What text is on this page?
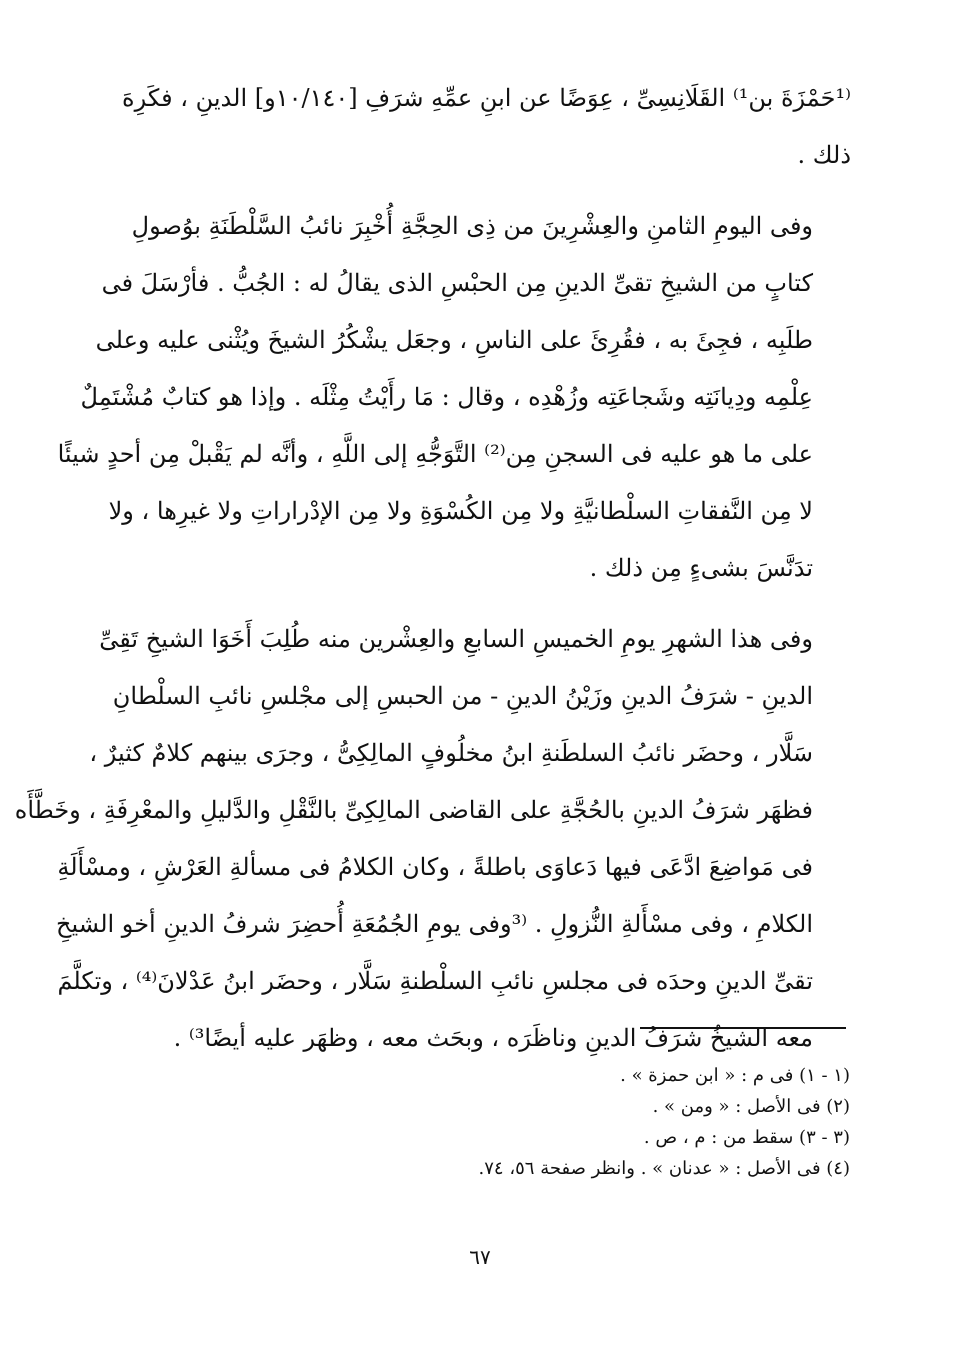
⁽¹حَمْزَةَ بن¹⁾ القَلَانِسِىِّ ، عِوَضًا عن ابنِ عمِّهِ شرَفِ [١٠/١٤٠و] الدينِ ، فكَرِهَ
ذلك .

وفى اليومِ الثامنِ والعِشْرِينَ من ذِى الحِجَّةِ أُخْبِرَ نائبُ السَّلْطَنَةِ بوُصولِ
كتابٍ من الشيخِ تقىِّ الدينِ مِن الحبْسِ الذى يقالُ له : الجُبُّ . فأرْسَلَ فى
طلَبِه ، فجِئَ به ، فقُرِئَ على الناسِ ، وجعَل يشْكُرُ الشيخَ ويُثْنى عليه وعلى
عِلْمِه ودِيانَتِه وشَجاعَتِه وزُهْدِه ، وقال : مَا رأَيْتُ مِثْلَه . وإذا هو كتابٌ مُشْتَمِلٌ
على ما هو عليه فى السجنِ مِن⁽²⁾ التَّوَجُّهِ إلى اللَّهِ ، وأنَّه لم يَقْبلْ مِن أحدٍ شيئًا
لا مِن النَّفقاتِ السلْطانيَّةِ ولا مِن الكُسْوَةِ ولا مِن الإدْراراتِ ولا غيرِها ، ولا
تدَنَّسَ بشىءٍ مِن ذلك .

وفى هذا الشهرِ يومِ الخميسِ السابعِ والعِشْرين منه طُلِبَ أَخَوَا الشيخِ تَقِىِّ
الدينِ - شرَفُ الدينِ وزَيْنُ الدينِ - من الحبسِ إلى مجْلسِ نائبِ السلْطانِ
سَلَّار ، وحضَر نائبُ السلطَنةِ ابنُ مخلُوفٍ المالِكِىُّ ، وجرَى بينهم كلامٌ كثيرٌ ،
فظهَر شرَفُ الدينِ بالحُجَّةِ على القاضى المالِكِىِّ بالنَّقْلِ والدَّليلِ والمعْرِفَةِ ، وخَطَّأَه
فى مَواضِعَ ادَّعَى فيها دَعاوَى باطلةً ، وكان الكلامُ فى مسألةِ العَرْشِ ، ومسْأَلَةِ
الكلامِ ، وفى مسْأَلةِ النُّزولِ . ⁽³وفى يومِ الجُمُعَةِ أُحضِرَ شرفُ الدينِ أخو الشيخِ
تقىِّ الدينِ وحدَه فى مجلسِ نائبِ السلْطنةِ سَلَّار ، وحضَر ابنُ عَدْلانَ⁽⁴⁾ ، وتكلَّمَ
معه الشيخُ شرَفُ الدينِ وناظَرَه ، وبحَث معه ، وظهَر عليه أيضًا³⁾ .

(١ - ١) فى م : « ابن حمزة » .
(٢) فى الأصل : « ومن » .
(٣ - ٣) سقط من : م ، ص .
(٤) فى الأصل : « عدنان » . وانظر صفحة ٥٦، ٧٤.
٦٧
